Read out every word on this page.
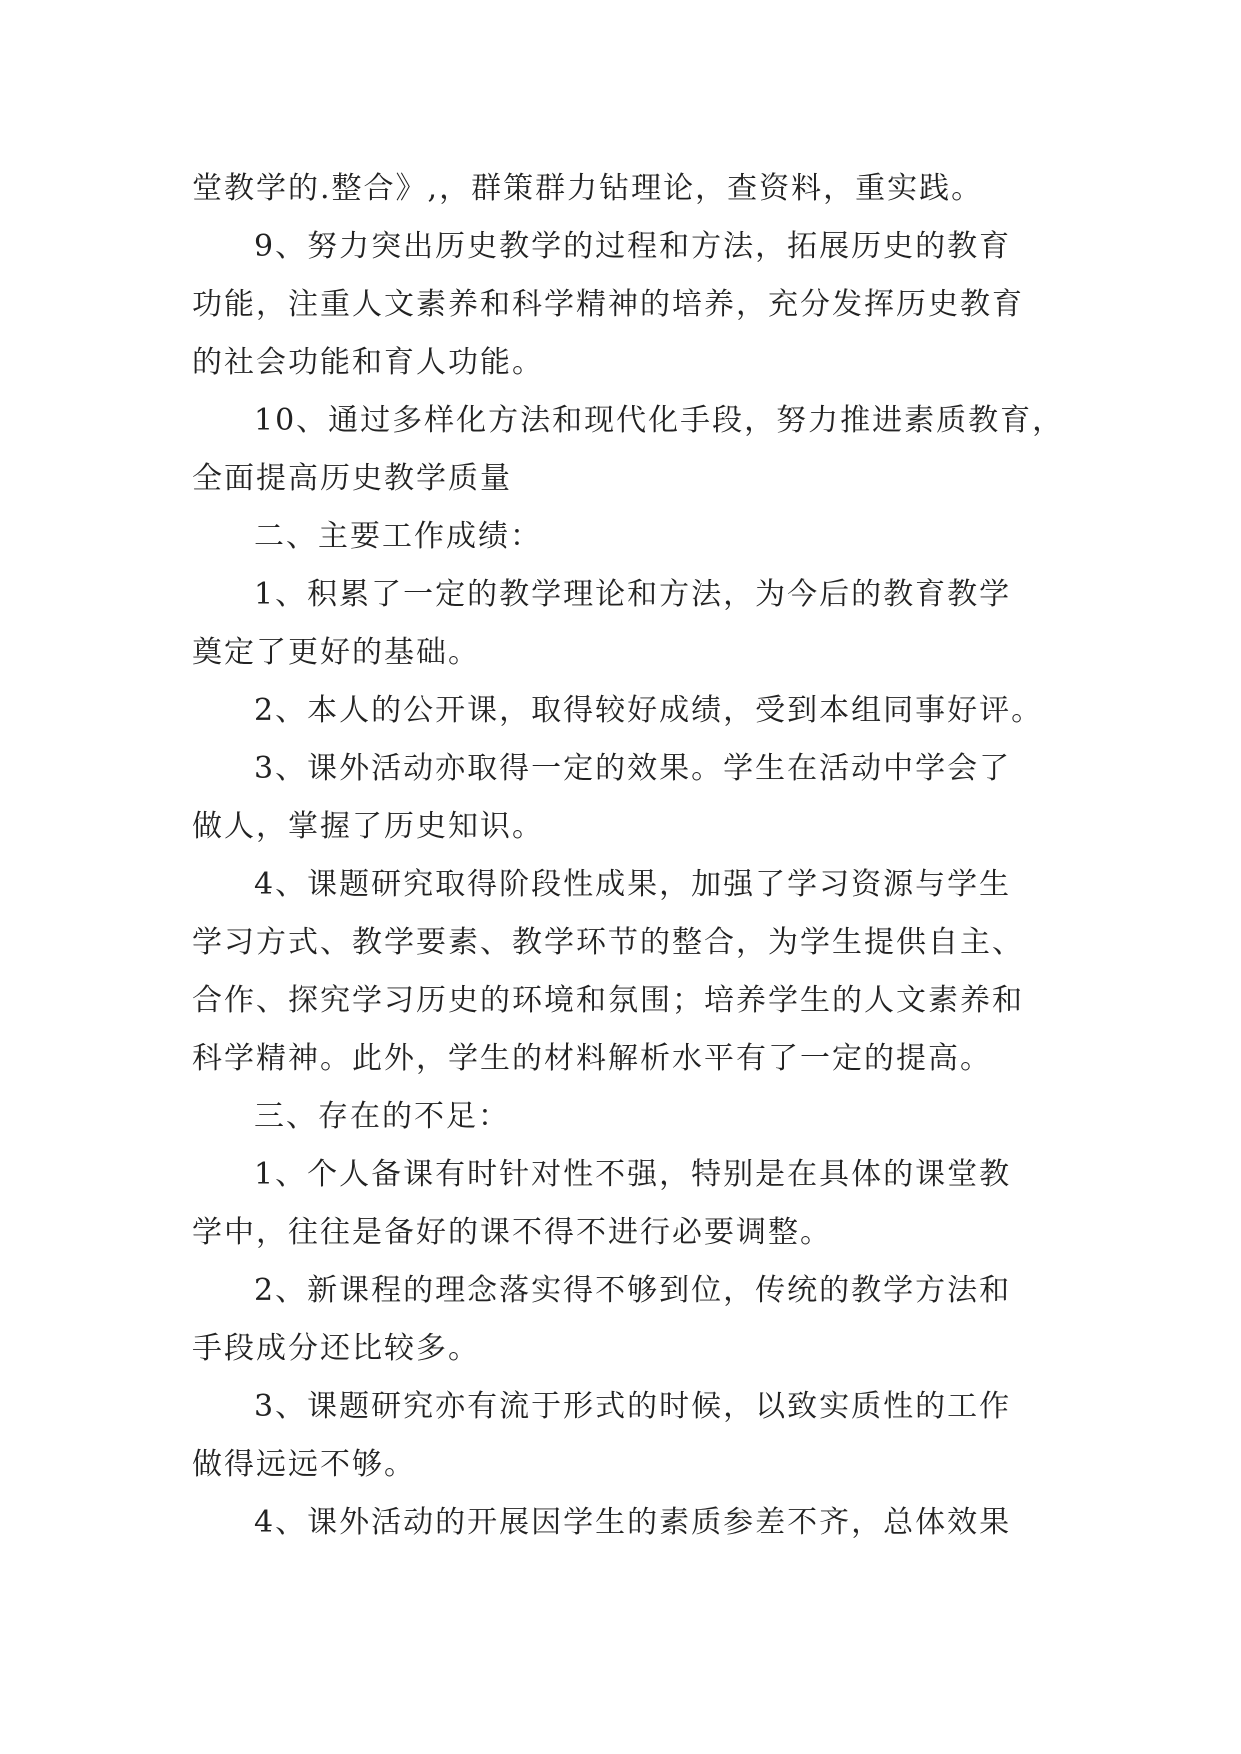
堂教学的.整合》,，群策群力钻理论，查资料，重实践。
9、努力突出历史教学的过程和方法，拓展历史的教育
功能，注重人文素养和科学精神的培养，充分发挥历史教育
的社会功能和育人功能。
10、通过多样化方法和现代化手段，努力推进素质教育，
全面提高历史教学质量
二、主要工作成绩：
1、积累了一定的教学理论和方法，为今后的教育教学
奠定了更好的基础。
2、本人的公开课，取得较好成绩，受到本组同事好评。
3、课外活动亦取得一定的效果。学生在活动中学会了
做人，掌握了历史知识。
4、课题研究取得阶段性成果，加强了学习资源与学生
学习方式、教学要素、教学环节的整合，为学生提供自主、
合作、探究学习历史的环境和氛围；培养学生的人文素养和
科学精神。此外，学生的材料解析水平有了一定的提高。
三、存在的不足：
1、个人备课有时针对性不强，特别是在具体的课堂教
学中，往往是备好的课不得不进行必要调整。
2、新课程的理念落实得不够到位，传统的教学方法和
手段成分还比较多。
3、课题研究亦有流于形式的时候，以致实质性的工作
做得远远不够。
4、课外活动的开展因学生的素质参差不齐，总体效果
